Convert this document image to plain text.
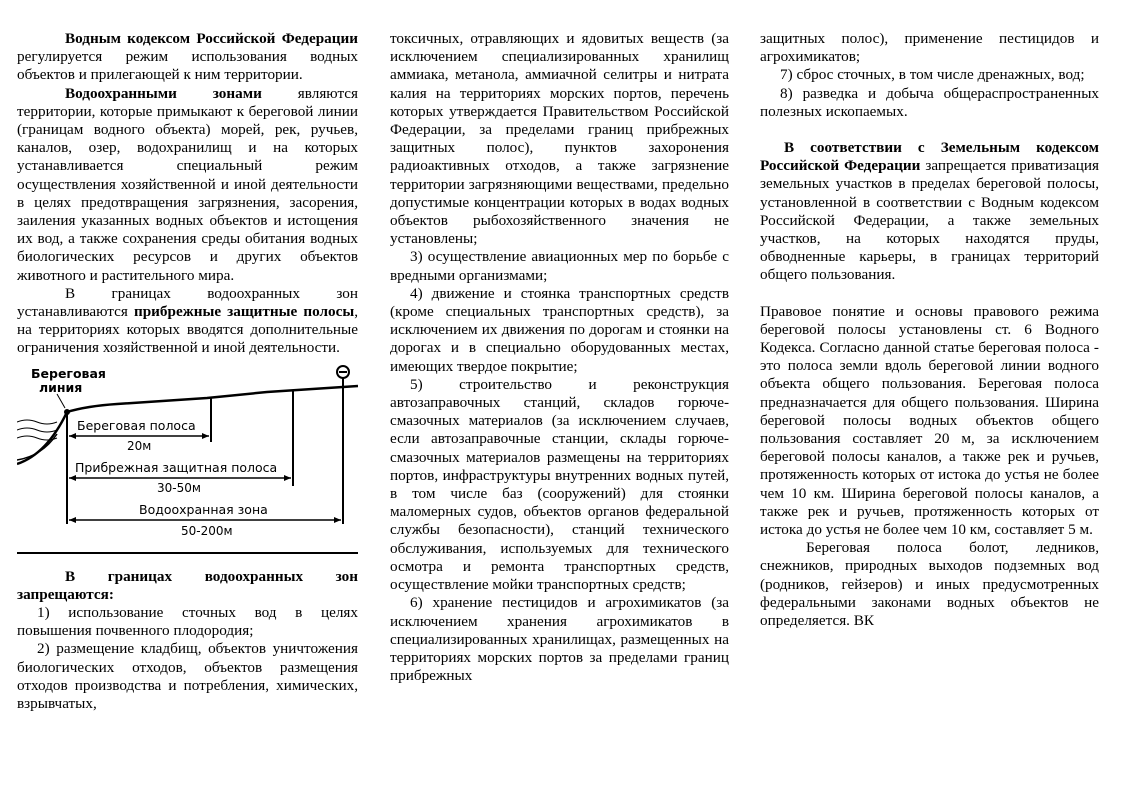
Водным кодексом Российской Федерации регулируется режим использования водных объектов и прилегающей к ним территории.

Водоохранными зонами являются территории, которые примыкают к береговой линии (границам водного объекта) морей, рек, ручьев, каналов, озер, водохранилищ и на которых устанавливается специальный режим осуществления хозяйственной и иной деятельности в целях предотвращения загрязнения, засорения, заиления указанных водных объектов и истощения их вод, а также сохранения среды обитания водных биологических ресурсов и других объектов животного и растительного мира.

В границах водоохранных зон устанавливаются прибрежные защитные полосы, на территориях которых вводятся дополнительные ограничения хозяйственной и иной деятельности.

Береговая
линия
Береговая полоса
20м
Прибрежная защитная полоса
30-50м
Водоохранная зона
50-200м

В границах водоохранных зон запрещаются:

1) использование сточных вод в целях повышения почвенного плодородия;

2) размещение кладбищ, объектов уничтожения биологических отходов, объектов размещения отходов производства и потребления, химических, взрывчатых,

токсичных, отравляющих и ядовитых веществ (за исключением специализированных хранилищ аммиака, метанола, аммиачной селитры и нитрата калия на территориях морских портов, перечень которых утверждается Правительством Российской Федерации, за пределами границ прибрежных защитных полос), пунктов захоронения радиоактивных отходов, а также загрязнение территории загрязняющими веществами, предельно допустимые концентрации которых в водах водных объектов рыбохозяйственного значения не установлены;

3) осуществление авиационных мер по борьбе с вредными организмами;

4) движение и стоянка транспортных средств (кроме специальных транспортных средств), за исключением их движения по дорогам и стоянки на дорогах и в специально оборудованных местах, имеющих твердое покрытие;

5) строительство и реконструкция автозаправочных станций, складов горюче-смазочных материалов (за исключением случаев, если автозаправочные станции, склады горюче-смазочных материалов размещены на территориях портов, инфраструктуры внутренних водных путей, в том числе баз (сооружений) для стоянки маломерных судов, объектов органов федеральной службы безопасности), станций технического обслуживания, используемых для технического осмотра и ремонта транспортных средств, осуществление мойки транспортных средств;

6) хранение пестицидов и агрохимикатов (за исключением хранения агрохимикатов в специализированных хранилищах, размещенных на территориях морских портов за пределами границ прибрежных

защитных полос), применение пестицидов и агрохимикатов;

7) сброс сточных, в том числе дренажных, вод;

8) разведка и добыча общераспространенных полезных ископаемых.

В соответствии с Земельным кодексом Российской Федерации запрещается приватизация земельных участков в пределах береговой полосы, установленной в соответствии с Водным кодексом Российской Федерации, а также земельных участков, на которых находятся пруды, обводненные карьеры, в границах территорий общего пользования.

Правовое понятие и основы правового режима береговой полосы установлены ст. 6 Водного Кодекса. Согласно данной статье береговая полоса - это полоса земли вдоль береговой линии водного объекта общего пользования. Береговая полоса предназначается для общего пользования. Ширина береговой полосы водных объектов общего пользования составляет 20 м, за исключением береговой полосы каналов, а также рек и ручьев, протяженность которых от истока до устья не более чем 10 км. Ширина береговой полосы каналов, а также рек и ручьев, протяженность которых от истока до устья не более чем 10 км, составляет 5 м.

Береговая полоса болот, ледников, снежников, природных выходов подземных вод (родников, гейзеров) и иных предусмотренных федеральными законами водных объектов не определяется. ВК
